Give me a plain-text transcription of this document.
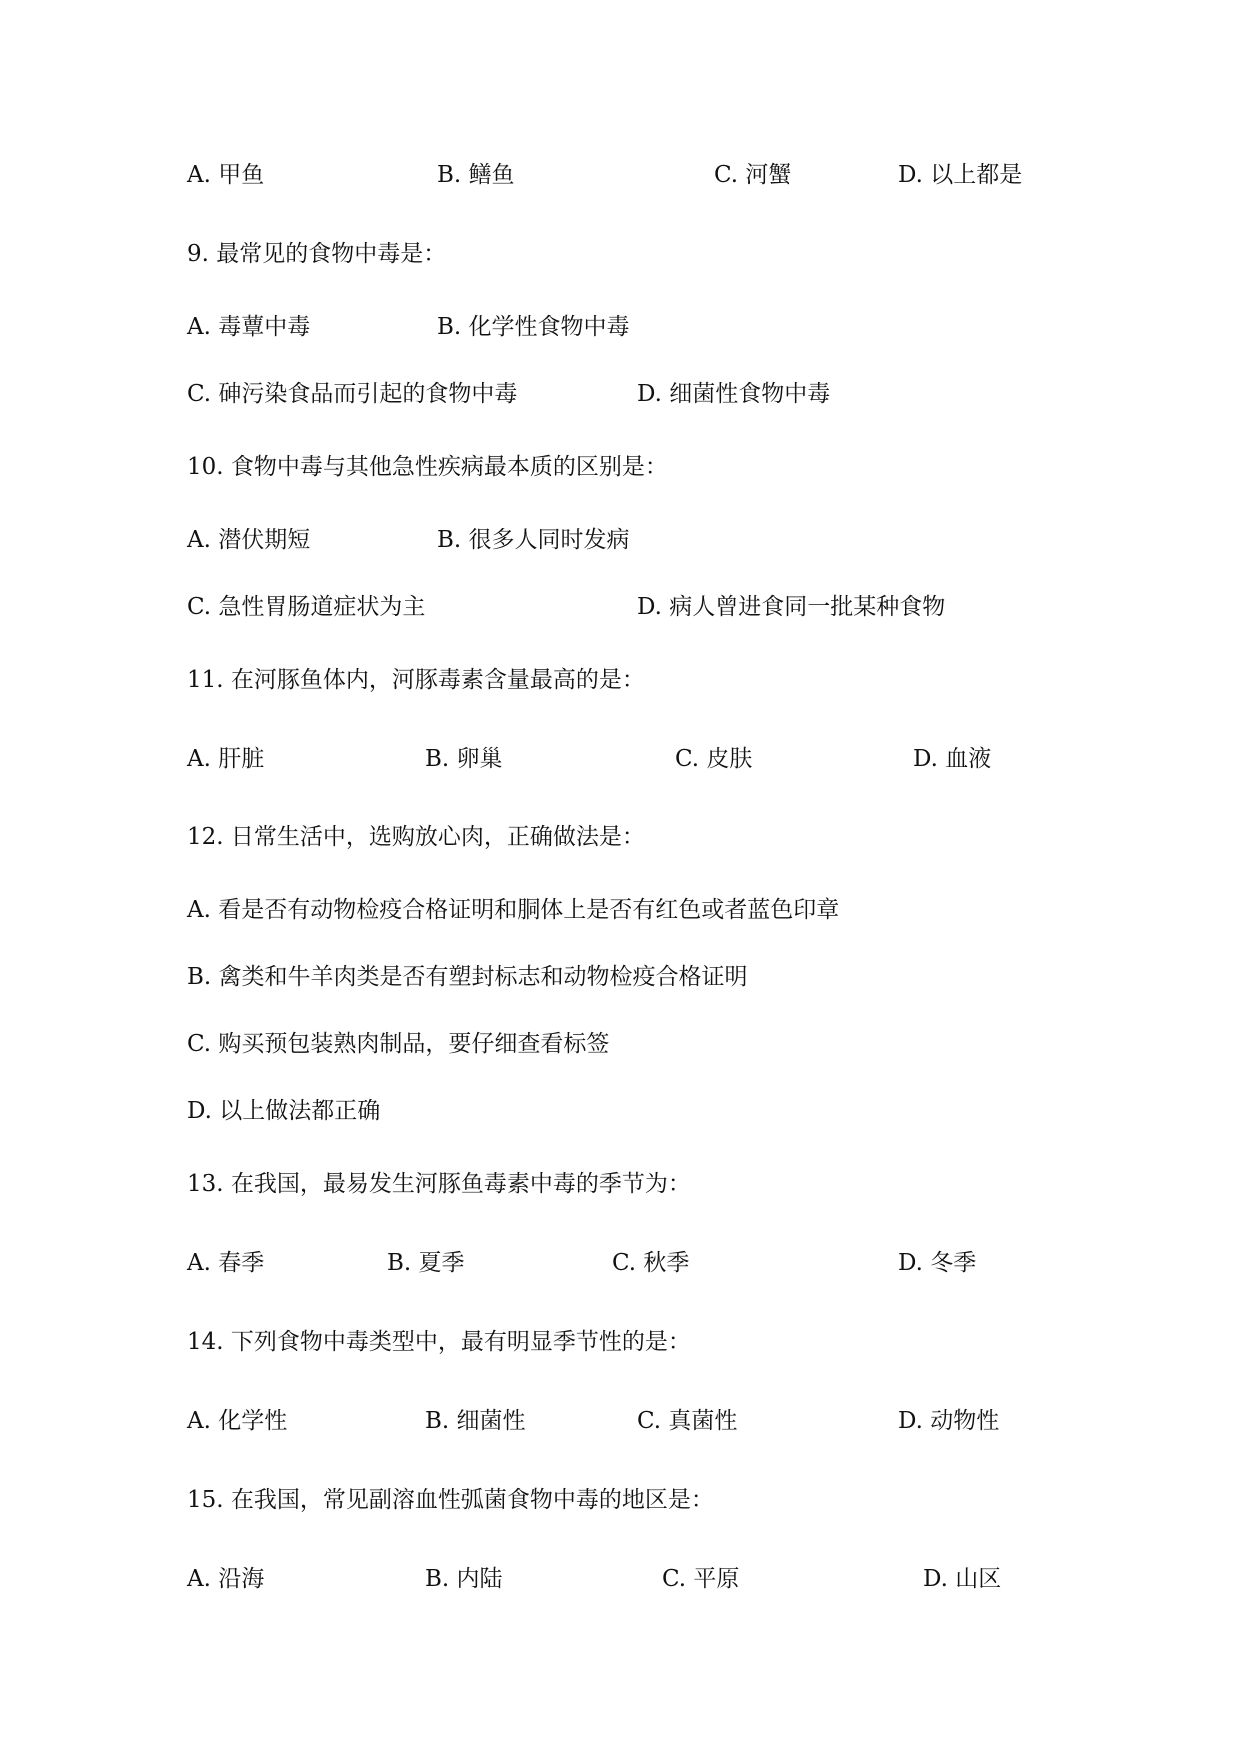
A. 甲鱼	B. 鳝鱼	C. 河蟹	D. 以上都是
9. 最常见的食物中毒是：
A. 毒蕈中毒	B. 化学性食物中毒
C. 砷污染食品而引起的食物中毒	D. 细菌性食物中毒
10. 食物中毒与其他急性疾病最本质的区别是：
A. 潜伏期短	B. 很多人同时发病
C. 急性胃肠道症状为主	D. 病人曾进食同一批某种食物
11. 在河豚鱼体内，河豚毒素含量最高的是：
A. 肝脏	B. 卵巢	C. 皮肤	D. 血液
12. 日常生活中，选购放心肉，正确做法是：
A. 看是否有动物检疫合格证明和胴体上是否有红色或者蓝色印章
B. 禽类和牛羊肉类是否有塑封标志和动物检疫合格证明
C. 购买预包装熟肉制品，要仔细查看标签
D. 以上做法都正确
13. 在我国，最易发生河豚鱼毒素中毒的季节为：
A. 春季	B. 夏季	C. 秋季	D. 冬季
14. 下列食物中毒类型中，最有明显季节性的是：
A. 化学性	B. 细菌性	C. 真菌性	D. 动物性
15. 在我国，常见副溶血性弧菌食物中毒的地区是：
A. 沿海	B. 内陆	C. 平原	D. 山区
